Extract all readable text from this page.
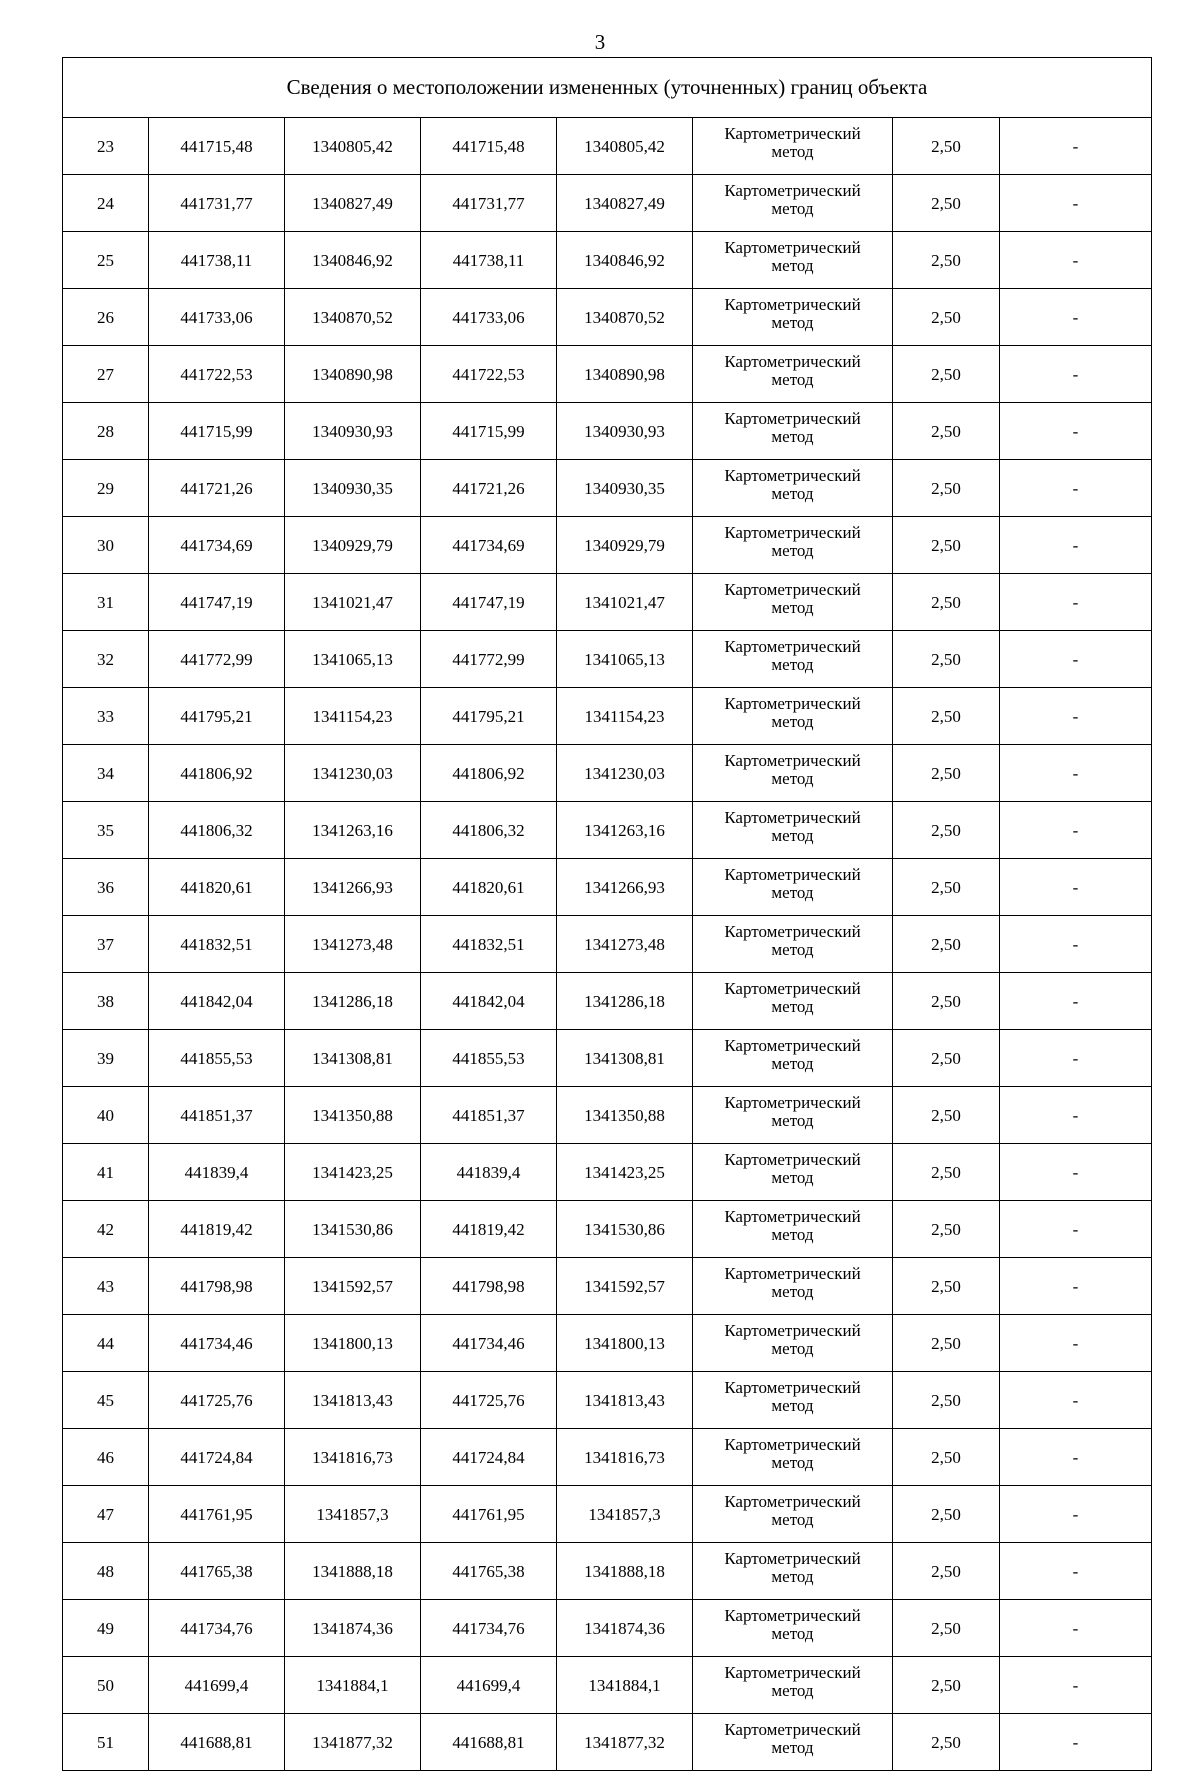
3
Сведения о местоположении измененных (уточненных) границ объекта							
23	441715,48	1340805,42	441715,48	1340805,42	Картометрический
метод	2,50	-
24	441731,77	1340827,49	441731,77	1340827,49	Картометрический
метод	2,50	-
25	441738,11	1340846,92	441738,11	1340846,92	Картометрический
метод	2,50	-
26	441733,06	1340870,52	441733,06	1340870,52	Картометрический
метод	2,50	-
27	441722,53	1340890,98	441722,53	1340890,98	Картометрический
метод	2,50	-
28	441715,99	1340930,93	441715,99	1340930,93	Картометрический
метод	2,50	-
29	441721,26	1340930,35	441721,26	1340930,35	Картометрический
метод	2,50	-
30	441734,69	1340929,79	441734,69	1340929,79	Картометрический
метод	2,50	-
31	441747,19	1341021,47	441747,19	1341021,47	Картометрический
метод	2,50	-
32	441772,99	1341065,13	441772,99	1341065,13	Картометрический
метод	2,50	-
33	441795,21	1341154,23	441795,21	1341154,23	Картометрический
метод	2,50	-
34	441806,92	1341230,03	441806,92	1341230,03	Картометрический
метод	2,50	-
35	441806,32	1341263,16	441806,32	1341263,16	Картометрический
метод	2,50	-
36	441820,61	1341266,93	441820,61	1341266,93	Картометрический
метод	2,50	-
37	441832,51	1341273,48	441832,51	1341273,48	Картометрический
метод	2,50	-
38	441842,04	1341286,18	441842,04	1341286,18	Картометрический
метод	2,50	-
39	441855,53	1341308,81	441855,53	1341308,81	Картометрический
метод	2,50	-
40	441851,37	1341350,88	441851,37	1341350,88	Картометрический
метод	2,50	-
41	441839,4	1341423,25	441839,4	1341423,25	Картометрический
метод	2,50	-
42	441819,42	1341530,86	441819,42	1341530,86	Картометрический
метод	2,50	-
43	441798,98	1341592,57	441798,98	1341592,57	Картометрический
метод	2,50	-
44	441734,46	1341800,13	441734,46	1341800,13	Картометрический
метод	2,50	-
45	441725,76	1341813,43	441725,76	1341813,43	Картометрический
метод	2,50	-
46	441724,84	1341816,73	441724,84	1341816,73	Картометрический
метод	2,50	-
47	441761,95	1341857,3	441761,95	1341857,3	Картометрический
метод	2,50	-
48	441765,38	1341888,18	441765,38	1341888,18	Картометрический
метод	2,50	-
49	441734,76	1341874,36	441734,76	1341874,36	Картометрический
метод	2,50	-
50	441699,4	1341884,1	441699,4	1341884,1	Картометрический
метод	2,50	-
51	441688,81	1341877,32	441688,81	1341877,32	Картометрический
метод	2,50	-
